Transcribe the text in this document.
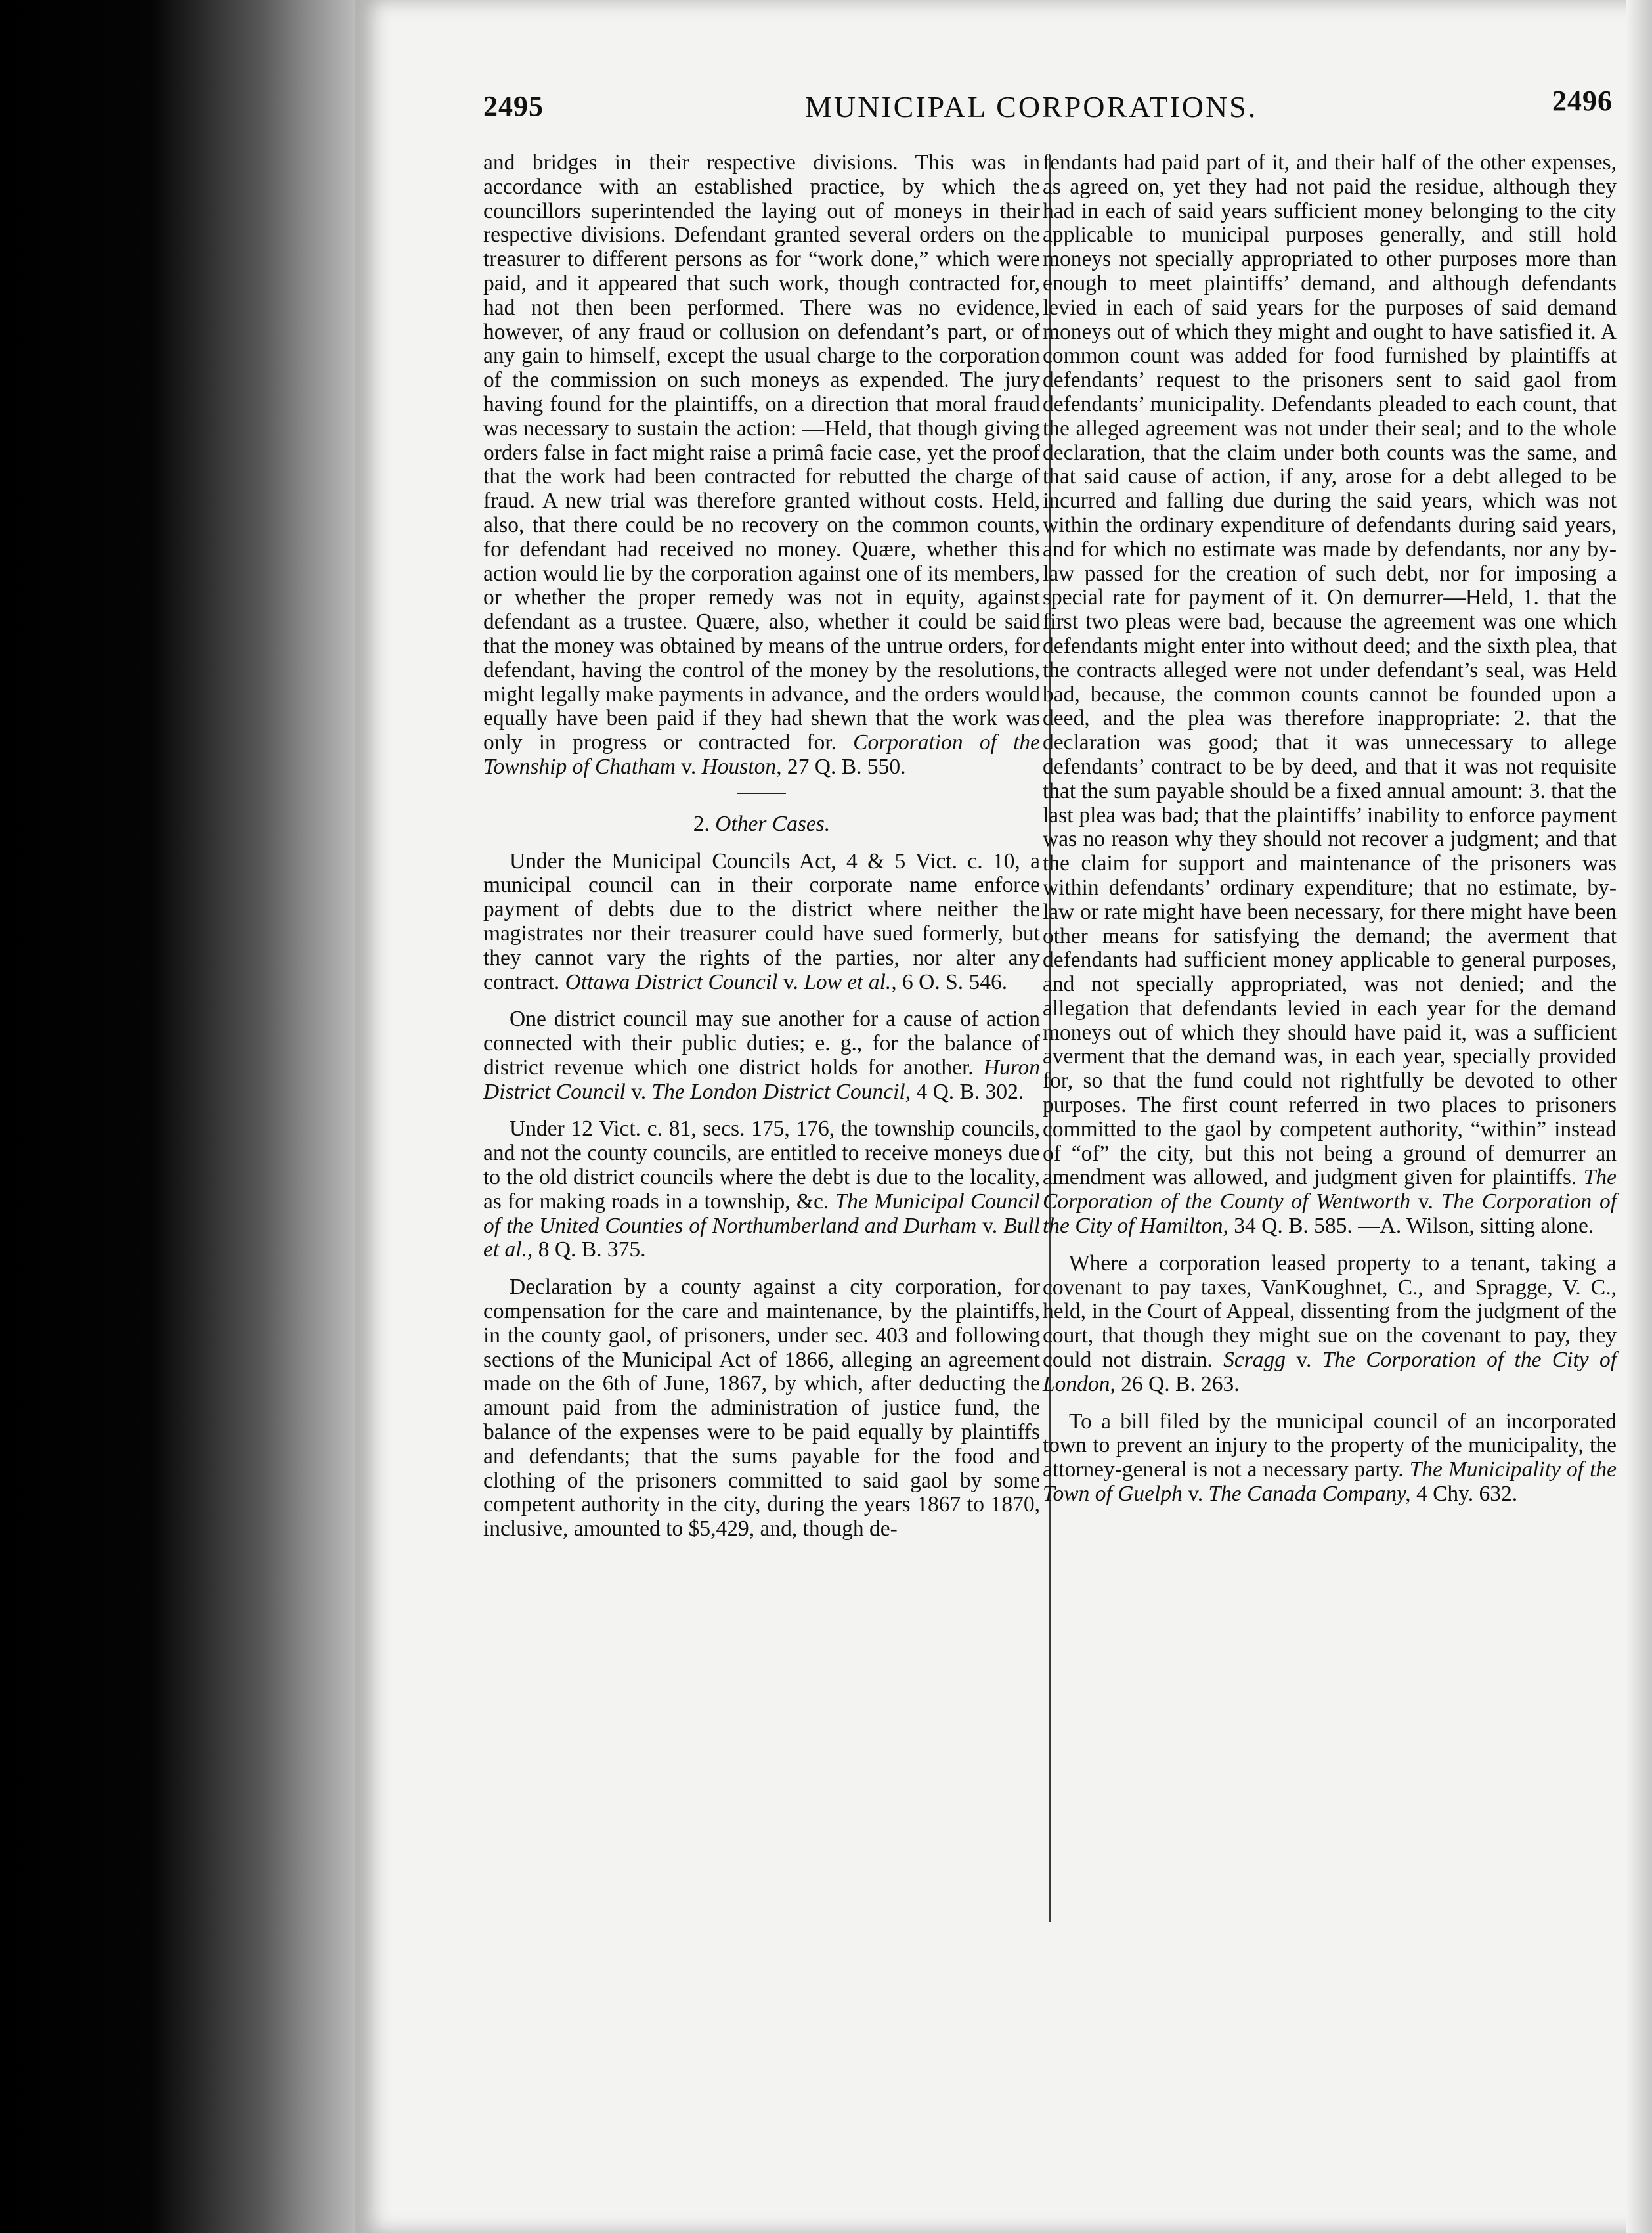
2495	MUNICIPAL CORPORATIONS.	2496

and bridges in their respective divisions. This was in accordance with an established practice, by which the councillors superintended the laying out of moneys in their respective divisions. Defendant granted several orders on the treasurer to different persons as for “work done,” which were paid, and it appeared that such work, though contracted for, had not then been performed. There was no evidence, however, of any fraud or collusion on defendant’s part, or of any gain to himself, except the usual charge to the corporation of the commission on such moneys as expended. The jury having found for the plaintiffs, on a direction that moral fraud was necessary to sustain the action: —Held, that though giving orders false in fact might raise a primâ facie case, yet the proof that the work had been contracted for rebutted the charge of fraud. A new trial was therefore granted without costs. Held, also, that there could be no recovery on the common counts, for defendant had received no money. Quære, whether this action would lie by the corporation against one of its members, or whether the proper remedy was not in equity, against defendant as a trustee. Quære, also, whether it could be said that the money was obtained by means of the untrue orders, for defendant, having the control of the money by the resolutions, might legally make payments in advance, and the orders would equally have been paid if they had shewn that the work was only in progress or contracted for. Corporation of the Township of Chatham v. Houston, 27 Q. B. 550.

2. Other Cases.

Under the Municipal Councils Act, 4 & 5 Vict. c. 10, a municipal council can in their corporate name enforce payment of debts due to the district where neither the magistrates nor their treasurer could have sued formerly, but they cannot vary the rights of the parties, nor alter any contract. Ottawa District Council v. Low et al., 6 O. S. 546.

One district council may sue another for a cause of action connected with their public duties; e. g., for the balance of district revenue which one district holds for another. Huron District Council v. The London District Council, 4 Q. B. 302.

Under 12 Vict. c. 81, secs. 175, 176, the township councils, and not the county councils, are entitled to receive moneys due to the old district councils where the debt is due to the locality, as for making roads in a township, &c. The Municipal Council of the United Counties of Northumberland and Durham v. Bull et al., 8 Q. B. 375.

Declaration by a county against a city corporation, for compensation for the care and maintenance, by the plaintiffs, in the county gaol, of prisoners, under sec. 403 and following sections of the Municipal Act of 1866, alleging an agreement made on the 6th of June, 1867, by which, after deducting the amount paid from the administration of justice fund, the balance of the expenses were to be paid equally by plaintiffs and defendants; that the sums payable for the food and clothing of the prisoners committed to said gaol by some competent authority in the city, during the years 1867 to 1870, inclusive, amounted to $5,429, and, though de-

fendants had paid part of it, and their half of the other expenses, as agreed on, yet they had not paid the residue, although they had in each of said years sufficient money belonging to the city applicable to municipal purposes generally, and still hold moneys not specially appropriated to other purposes more than enough to meet plaintiffs’ demand, and although defendants levied in each of said years for the purposes of said demand moneys out of which they might and ought to have satisfied it. A common count was added for food furnished by plaintiffs at defendants’ request to the prisoners sent to said gaol from defendants’ municipality. Defendants pleaded to each count, that the alleged agreement was not under their seal; and to the whole declaration, that the claim under both counts was the same, and that said cause of action, if any, arose for a debt alleged to be incurred and falling due during the said years, which was not within the ordinary expenditure of defendants during said years, and for which no estimate was made by defendants, nor any by-law passed for the creation of such debt, nor for imposing a special rate for payment of it. On demurrer—Held, 1. that the first two pleas were bad, because the agreement was one which defendants might enter into without deed; and the sixth plea, that the contracts alleged were not under defendant’s seal, was Held bad, because, the common counts cannot be founded upon a deed, and the plea was therefore inappropriate: 2. that the declaration was good; that it was unnecessary to allege defendants’ contract to be by deed, and that it was not requisite that the sum payable should be a fixed annual amount: 3. that the last plea was bad; that the plaintiffs’ inability to enforce payment was no reason why they should not recover a judgment; and that the claim for support and maintenance of the prisoners was within defendants’ ordinary expenditure; that no estimate, by-law or rate might have been necessary, for there might have been other means for satisfying the demand; the averment that defendants had sufficient money applicable to general purposes, and not specially appropriated, was not denied; and the allegation that defendants levied in each year for the demand moneys out of which they should have paid it, was a sufficient averment that the demand was, in each year, specially provided for, so that the fund could not rightfully be devoted to other purposes. The first count referred in two places to prisoners committed to the gaol by competent authority, “within” instead of “of” the city, but this not being a ground of demurrer an amendment was allowed, and judgment given for plaintiffs. The Corporation of the County of Wentworth v. The Corporation of the City of Hamilton, 34 Q. B. 585. —A. Wilson, sitting alone.

Where a corporation leased property to a tenant, taking a covenant to pay taxes, VanKoughnet, C., and Spragge, V. C., held, in the Court of Appeal, dissenting from the judgment of the court, that though they might sue on the covenant to pay, they could not distrain. Scragg v. The Corporation of the City of London, 26 Q. B. 263.

To a bill filed by the municipal council of an incorporated town to prevent an injury to the property of the municipality, the attorney-general is not a necessary party. The Municipality of the Town of Guelph v. The Canada Company, 4 Chy. 632.
